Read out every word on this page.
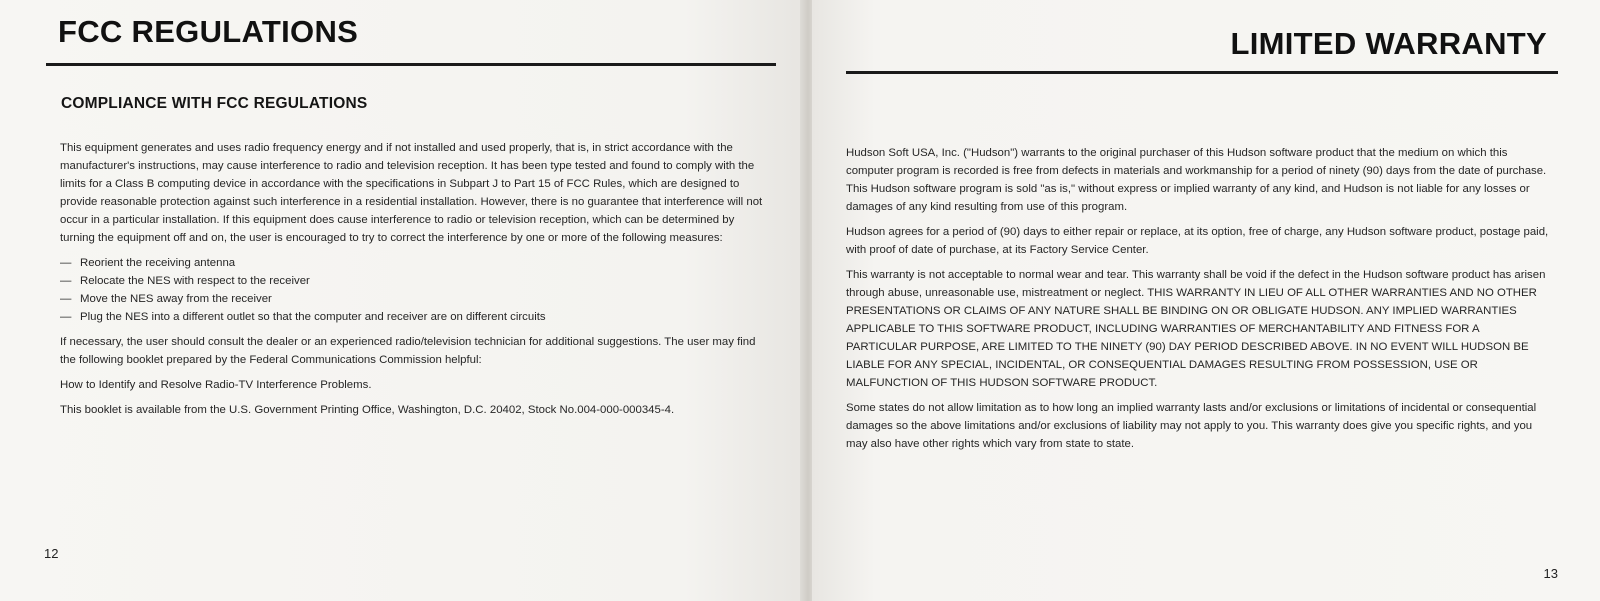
FCC REGULATIONS
COMPLIANCE WITH FCC REGULATIONS

This equipment generates and uses radio frequency energy and if not installed and used properly, that is, in strict accordance with the manufacturer's instructions, may cause interference to radio and television reception. It has been type tested and found to comply with the limits for a Class B computing device in accordance with the specifications in Subpart J to Part 15 of FCC Rules, which are designed to provide reasonable protection against such interference in a residential installation. However, there is no guarantee that interference will not occur in a particular installation. If this equipment does cause interference to radio or television reception, which can be determined by turning the equipment off and on, the user is encouraged to try to correct the interference by one or more of the following measures:

— Reorient the receiving antenna
— Relocate the NES with respect to the receiver
— Move the NES away from the receiver
— Plug the NES into a different outlet so that the computer and receiver are on different circuits

If necessary, the user should consult the dealer or an experienced radio/television technician for additional suggestions. The user may find the following booklet prepared by the Federal Communications Commission helpful:

How to Identify and Resolve Radio-TV Interference Problems.

This booklet is available from the U.S. Government Printing Office, Washington, D.C. 20402, Stock No.004-000-000345-4.

12
LIMITED WARRANTY

Hudson Soft USA, Inc. ("Hudson") warrants to the original purchaser of this Hudson software product that the medium on which this computer program is recorded is free from defects in materials and workmanship for a period of ninety (90) days from the date of purchase. This Hudson software program is sold "as is," without express or implied warranty of any kind, and Hudson is not liable for any losses or damages of any kind resulting from use of this program.

Hudson agrees for a period of (90) days to either repair or replace, at its option, free of charge, any Hudson software product, postage paid, with proof of date of purchase, at its Factory Service Center.

This warranty is not acceptable to normal wear and tear. This warranty shall be void if the defect in the Hudson software product has arisen through abuse, unreasonable use, mistreatment or neglect. THIS WARRANTY IN LIEU OF ALL OTHER WARRANTIES AND NO OTHER PRESENTATIONS OR CLAIMS OF ANY NATURE SHALL BE BINDING ON OR OBLIGATE HUDSON. ANY IMPLIED WARRANTIES APPLICABLE TO THIS SOFTWARE PRODUCT, INCLUDING WARRANTIES OF MERCHANTABILITY AND FITNESS FOR A PARTICULAR PURPOSE, ARE LIMITED TO THE NINETY (90) DAY PERIOD DESCRIBED ABOVE. IN NO EVENT WILL HUDSON BE LIABLE FOR ANY SPECIAL, INCIDENTAL, OR CONSEQUENTIAL DAMAGES RESULTING FROM POSSESSION, USE OR MALFUNCTION OF THIS HUDSON SOFTWARE PRODUCT.

Some states do not allow limitation as to how long an implied warranty lasts and/or exclusions or limitations of incidental or consequential damages so the above limitations and/or exclusions of liability may not apply to you. This warranty does give you specific rights, and you may also have other rights which vary from state to state.

13
